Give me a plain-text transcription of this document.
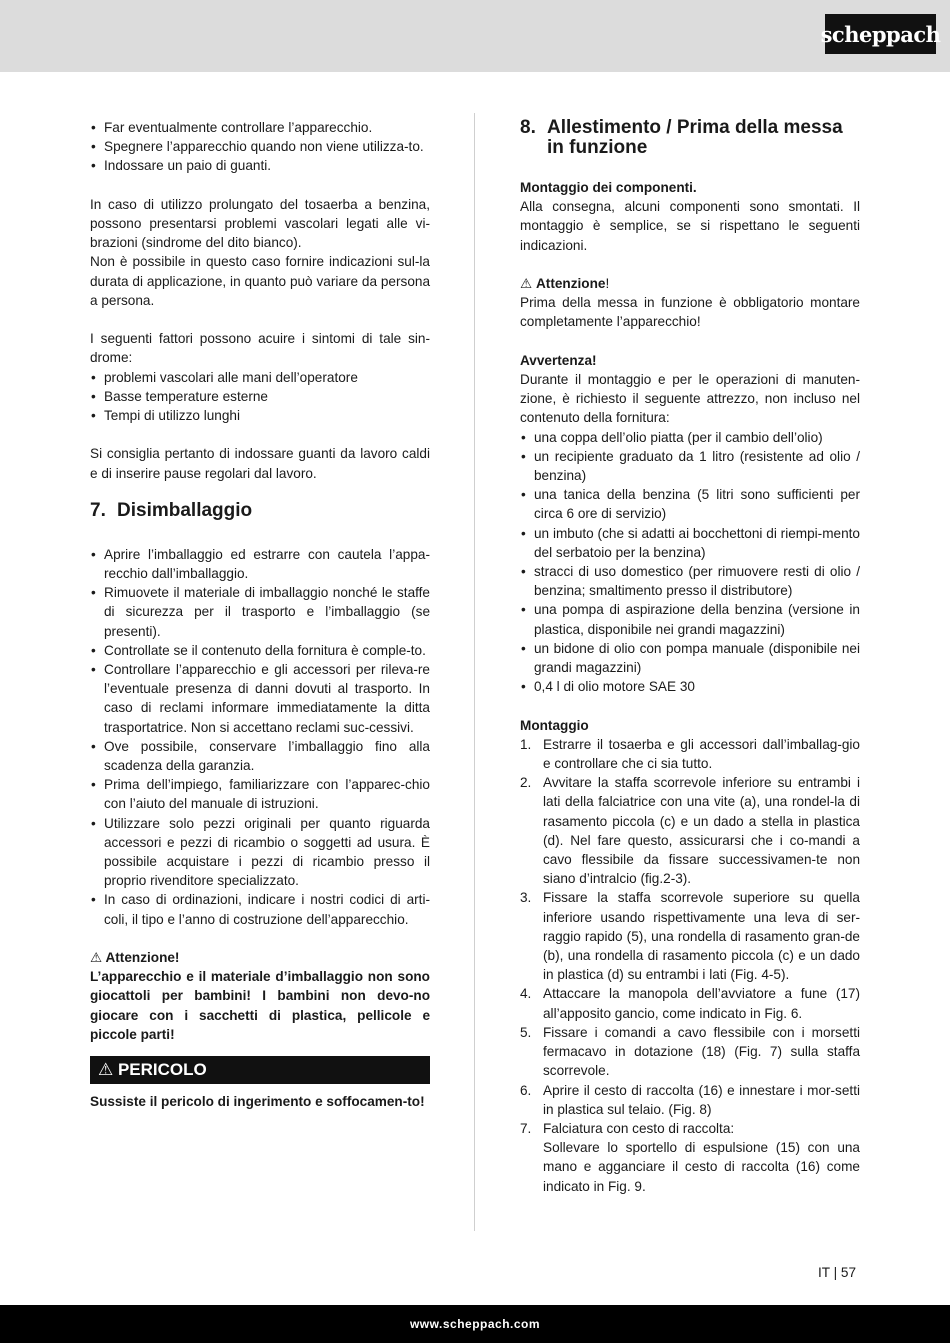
scheppach
• Far eventualmente controllare l’apparecchio.
• Spegnere l’apparecchio quando non viene utilizza-to.
• Indossare un paio di guanti.

In caso di utilizzo prolungato del tosaerba a benzina, possono presentarsi problemi vascolari legati alle vi-brazioni (sindrome del dito bianco).

Non è possibile in questo caso fornire indicazioni sul-la durata di applicazione, in quanto può variare da persona a persona.

I seguenti fattori possono acuire i sintomi di tale sin-drome:

• problemi vascolari alle mani dell’operatore
• Basse temperature esterne
• Tempi di utilizzo lunghi

Si consiglia pertanto di indossare guanti da lavoro caldi e di inserire pause regolari dal lavoro.

7. Disimballaggio
• Aprire l’imballaggio ed estrarre con cautela l’appa-recchio dall’imballaggio.
• Rimuovete il materiale di imballaggio nonché le staffe di sicurezza per il trasporto e l’imballaggio (se presenti).
• Controllate se il contenuto della fornitura è comple-to.
• Controllare l’apparecchio e gli accessori per rileva-re l’eventuale presenza di danni dovuti al trasporto. In caso di reclami informare immediatamente la ditta trasportatrice. Non si accettano reclami suc-cessivi.
• Ove possibile, conservare l’imballaggio fino alla scadenza della garanzia.
• Prima dell’impiego, familiarizzare con l’apparec-chio con l’aiuto del manuale di istruzioni.
• Utilizzare solo pezzi originali per quanto riguarda accessori e pezzi di ricambio o soggetti ad usura. È possibile acquistare i pezzi di ricambio presso il proprio rivenditore specializzato.
• In caso di ordinazioni, indicare i nostri codici di arti-coli, il tipo e l’anno di costruzione dell’apparecchio.

⚠ Attenzione!

L’apparecchio e il materiale d’imballaggio non sono giocattoli per bambini! I bambini non devo-no giocare con i sacchetti di plastica, pellicole e piccole parti!

⚠ PERICOLO

Sussiste il pericolo di ingerimento e soffocamen-to!

8. Allestimento / Prima della messa
in funzione

Montaggio dei componenti.

Alla consegna, alcuni componenti sono smontati. Il montaggio è semplice, se si rispettano le seguenti indicazioni.

⚠ Attenzione!

Prima della messa in funzione è obbligatorio montare completamente l’apparecchio!

Avvertenza!

Durante il montaggio e per le operazioni di manuten-zione, è richiesto il seguente attrezzo, non incluso nel contenuto della fornitura:

• una coppa dell’olio piatta (per il cambio dell’olio)
• un recipiente graduato da 1 litro (resistente ad olio / benzina)
• una tanica della benzina (5 litri sono sufficienti per circa 6 ore di servizio)
• un imbuto (che si adatti ai bocchettoni di riempi-mento del serbatoio per la benzina)
• stracci di uso domestico (per rimuovere resti di olio / benzina; smaltimento presso il distributore)
• una pompa di aspirazione della benzina (versione in plastica, disponibile nei grandi magazzini)
• un bidone di olio con pompa manuale (disponibile nei grandi magazzini)
• 0,4 l di olio motore SAE 30

Montaggio

1. Estrarre il tosaerba e gli accessori dall’imballag-gio e controllare che ci sia tutto.
2. Avvitare la staffa scorrevole inferiore su entrambi i lati della falciatrice con una vite (a), una rondel-la di rasamento piccola (c) e un dado a stella in plastica (d). Nel fare questo, assicurarsi che i co-mandi a cavo flessibile da fissare successivamen-te non siano d’intralcio (fig.2-3).
3. Fissare la staffa scorrevole superiore su quella inferiore usando rispettivamente una leva di ser-raggio rapido (5), una rondella di rasamento gran-de (b), una rondella di rasamento piccola (c) e un dado in plastica (d) su entrambi i lati (Fig. 4-5).
4. Attaccare la manopola dell’avviatore a fune (17) all’apposito gancio, come indicato in Fig. 6.
5. Fissare i comandi a cavo flessibile con i morsetti fermacavo in dotazione (18) (Fig. 7) sulla staffa scorrevole.
6. Aprire il cesto di raccolta (16) e innestare i mor-setti in plastica sul telaio. (Fig. 8)
7. Falciatura con cesto di raccolta:
Sollevare lo sportello di espulsione (15) con una mano e agganciare il cesto di raccolta (16) come indicato in Fig. 9.
IT | 57
www.scheppach.com
